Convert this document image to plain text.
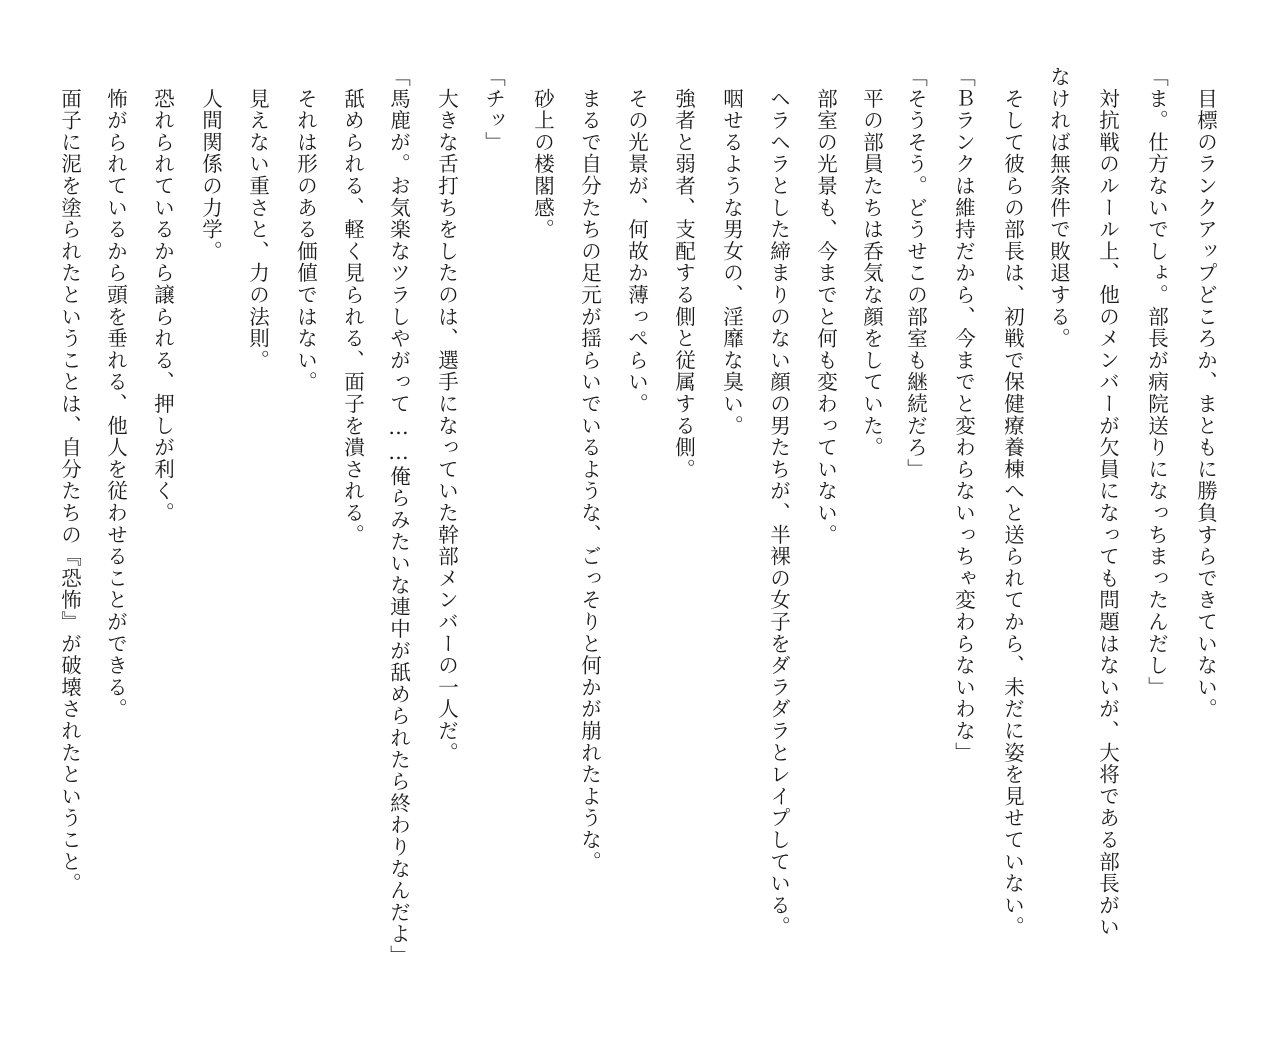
　目標のランクアップどころか、まともに勝負すらできていない。
「ま。仕方ないでしょ。部長が病院送りになっちまったんだし」
　対抗戦のルール上、他のメンバーが欠員になっても問題はないが、大将である部長がい
なければ無条件で敗退する。
　そして彼らの部長は、初戦で保健療養棟へと送られてから、未だに姿を見せていない。
「Ｂランクは維持だから、今までと変わらないっちゃ変わらないわな」
「そうそう。どうせこの部室も継続だろ」
　平の部員たちは呑気な顔をしていた。
　部室の光景も、今までと何も変わっていない。
　ヘラヘラとした締まりのない顔の男たちが、半裸の女子をダラダラとレイプしている。
　咽せるような男女の、淫靡な臭い。
　強者と弱者、支配する側と従属する側。
　その光景が、何故か薄っぺらい。
　まるで自分たちの足元が揺らいでいるような、ごっそりと何かが崩れたような。
　砂上の楼閣感。
「チッ」
　大きな舌打ちをしたのは、選手になっていた幹部メンバーの一人だ。
「馬鹿が。お気楽なツラしやがって……俺らみたいな連中が舐められたら終わりなんだよ」
　舐められる、軽く見られる、面子を潰される。
　それは形のある価値ではない。
　見えない重さと、力の法則。
　人間関係の力学。
　恐れられているから譲られる、押しが利く。
　怖がられているから頭を垂れる、他人を従わせることができる。
　面子に泥を塗られたということは、自分たちの『恐怖』が破壊されたということ。
